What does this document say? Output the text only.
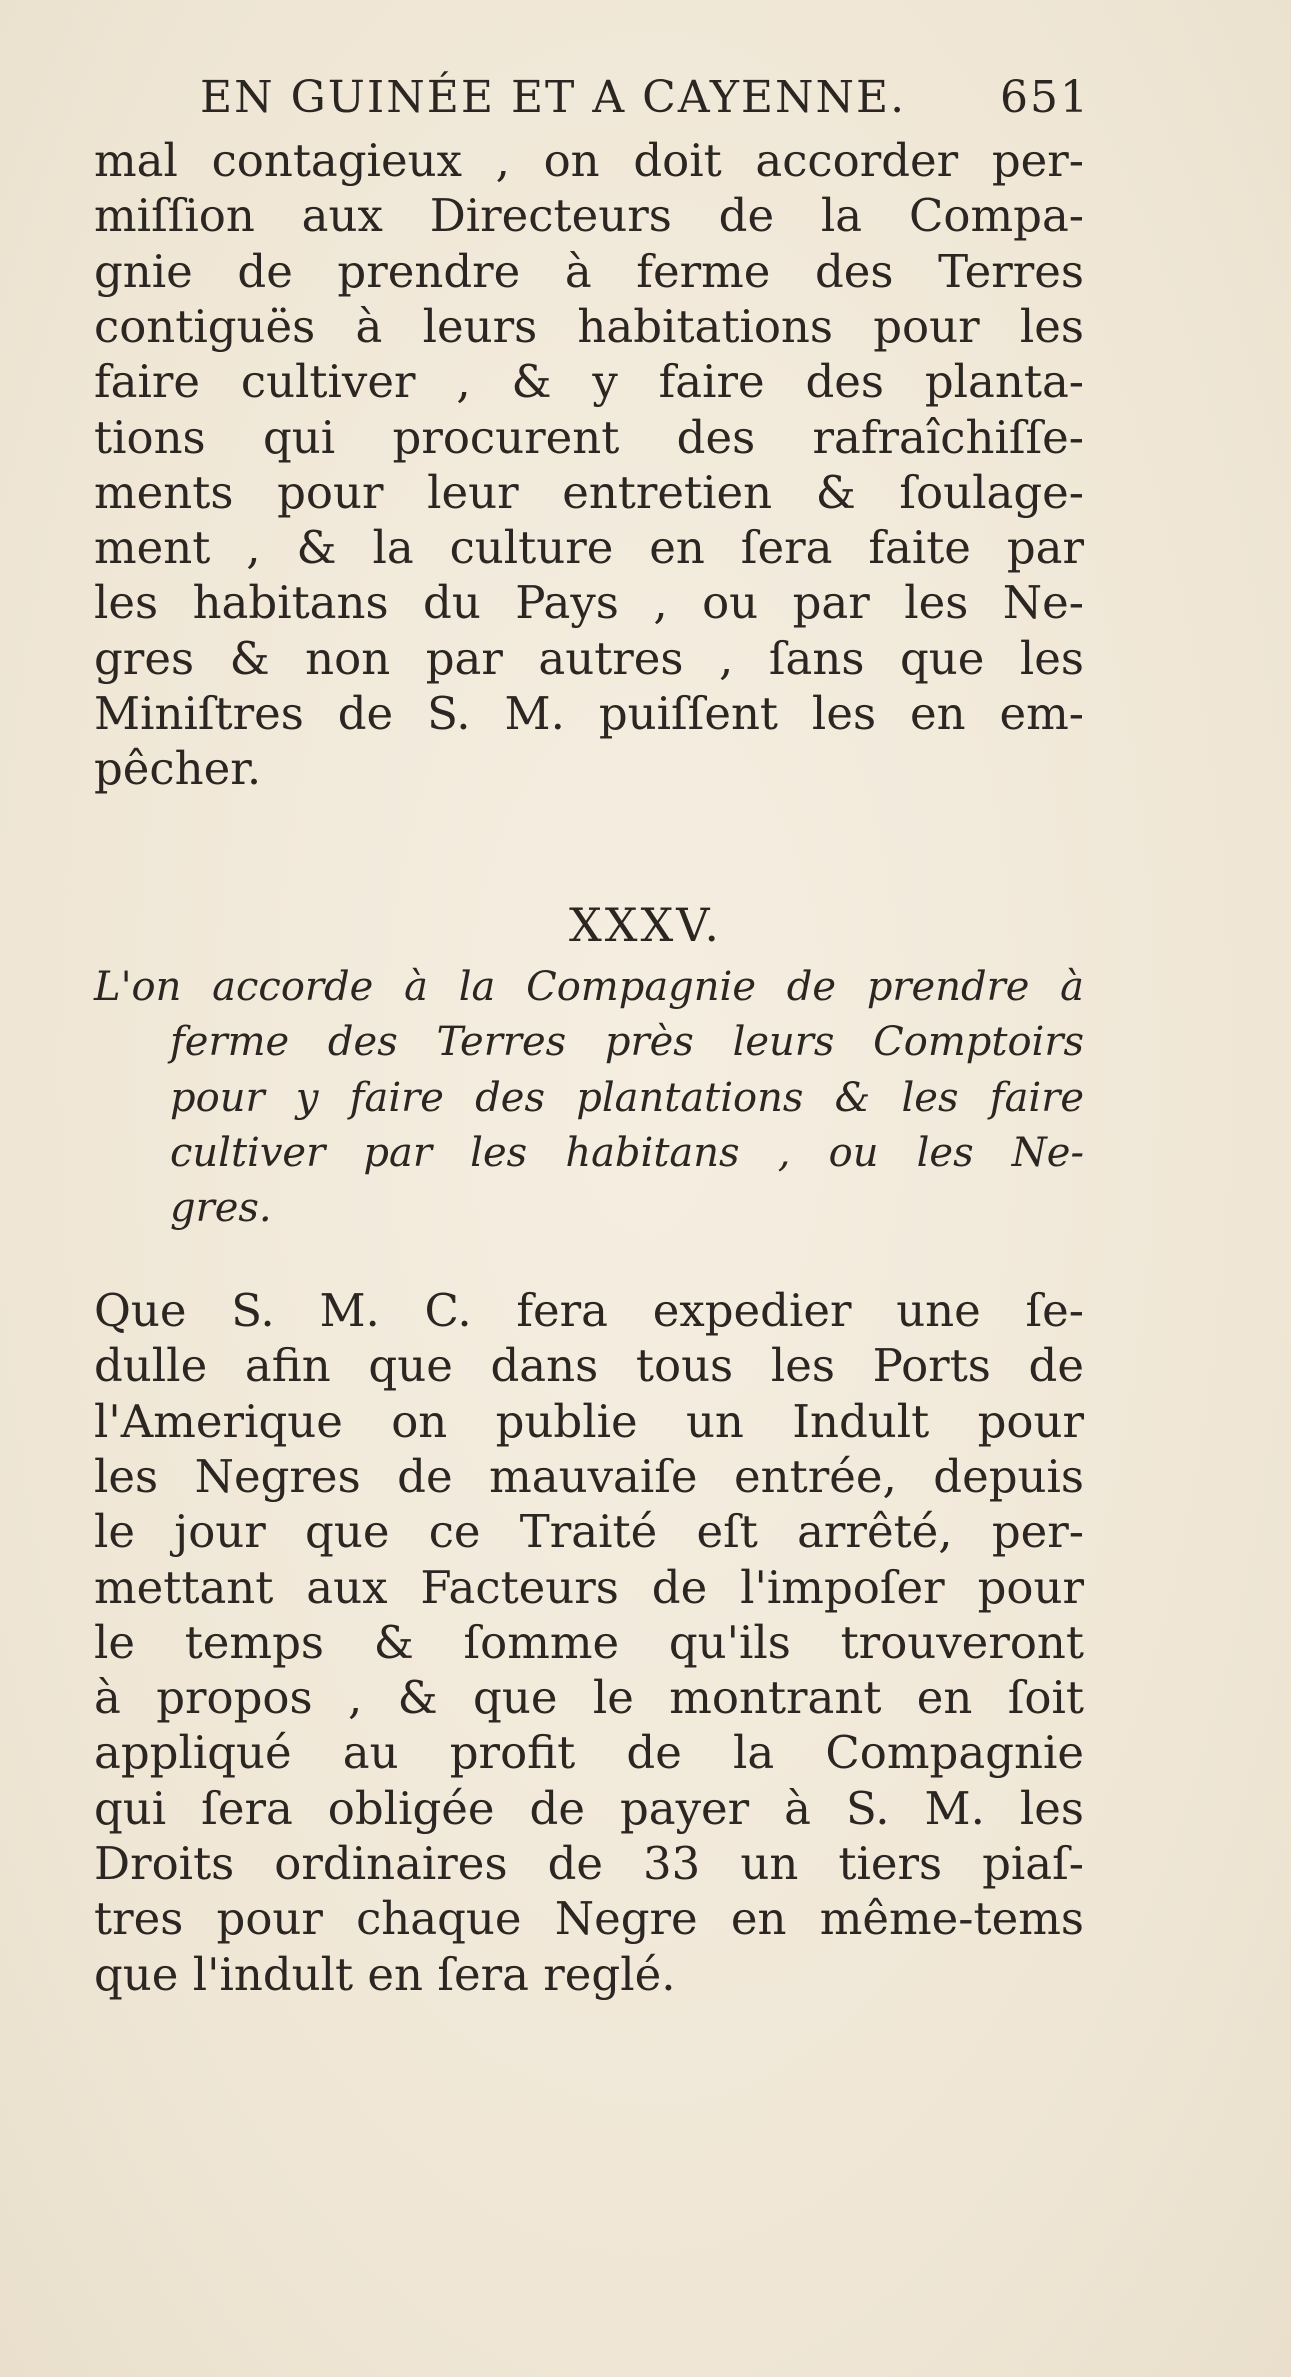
EN GUINÉE ET A CAYENNE. 651
mal contagieux , on doit accorder per-
miſſion aux Directeurs de la Compa-
gnie de prendre à ferme des Terres
contiguës à leurs habitations pour les
faire cultiver , & y faire des planta-
tions qui procurent des rafraîchiſſe-
ments pour leur entretien & ſoulage-
ment , & la culture en ſera faite par
les habitans du Pays , ou par les Ne-
gres & non par autres , ſans que les
Miniſtres de S. M. puiſſent les en em-
pêcher.
XXXV.
L'on accorde à la Compagnie de prendre à
ferme des Terres près leurs Comptoirs
pour y faire des plantations & les faire
cultiver par les habitans , ou les Ne-
gres.
Que S. M. C. fera expedier une ſe-
dulle afin que dans tous les Ports de
l'Amerique on publie un Indult pour
les Negres de mauvaiſe entrée, depuis
le jour que ce Traité eſt arrêté, per-
mettant aux Facteurs de l'impoſer pour
le temps & ſomme qu'ils trouveront
à propos , & que le montrant en ſoit
appliqué au profit de la Compagnie
qui ſera obligée de payer à S. M. les
Droits ordinaires de 33 un tiers piaſ-
tres pour chaque Negre en même-tems
que l'indult en ſera reglé.
